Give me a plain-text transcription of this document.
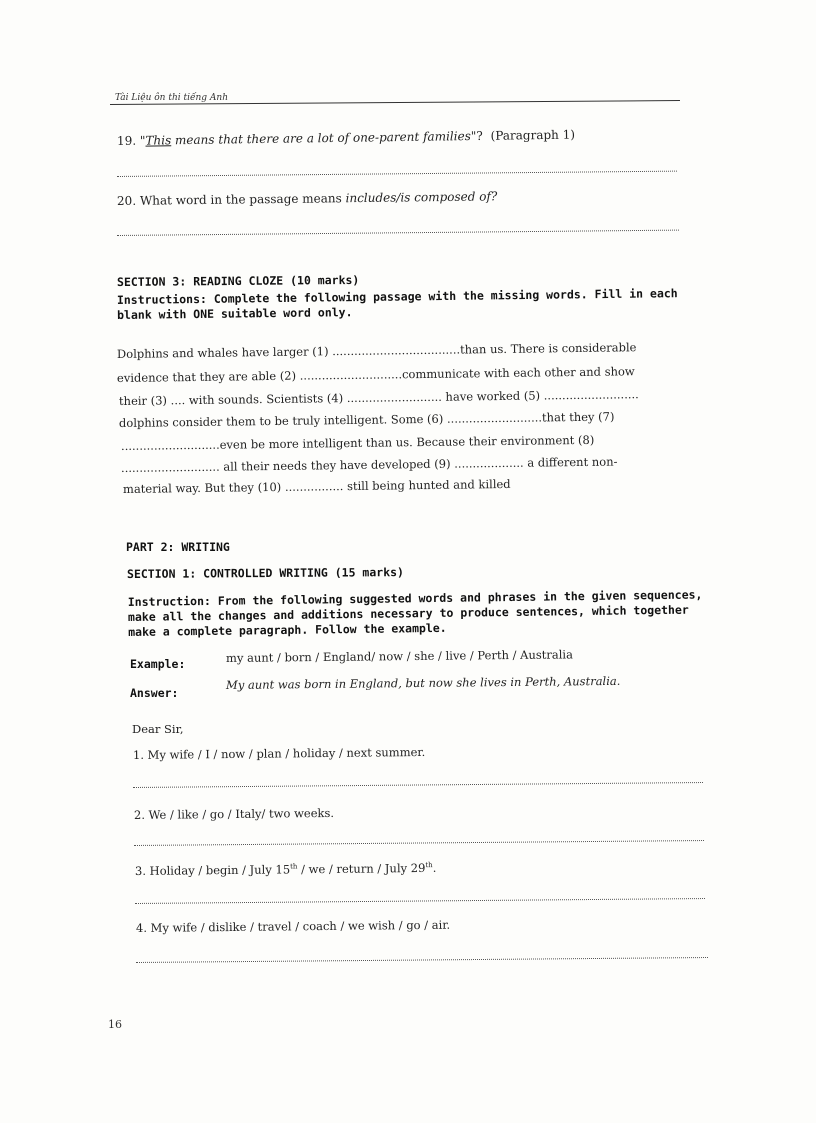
Tài Liệu ôn thi tiếng Anh
19. "This means that there are a lot of one-parent families"? (Paragraph 1)
20. What word in the passage means includes/is composed of?
SECTION 3: READING CLOZE (10 marks)
Instructions: Complete the following passage with the missing words. Fill in each
blank with ONE suitable word only.
Dolphins and whales have larger (1) ...................................than us. There is considerable
evidence that they are able (2) ............................communicate with each other and show
their (3) .... with sounds. Scientists (4) .......................... have worked (5) ..........................
dolphins consider them to be truly intelligent. Some (6) ..........................that they (7)
...........................even be more intelligent than us. Because their environment (8)
........................... all their needs they have developed (9) ................... a different non-
material way. But they (10) ................ still being hunted and killed
PART 2: WRITING
SECTION 1: CONTROLLED WRITING (15 marks)
Instruction: From the following suggested words and phrases in the given sequences,
make all the changes and additions necessary to produce sentences, which together
make a complete paragraph. Follow the example.
Example:	my aunt / born / England/ now / she / live / Perth / Australia
Answer:
My aunt was born in England, but now she lives in Perth, Australia.
Dear Sir,
1. My wife / I / now / plan / holiday / next summer.
2. We / like / go / Italy/ two weeks.
3. Holiday / begin / July 15th / we / return / July 29th.
4. My wife / dislike / travel / coach / we wish / go / air.
16
